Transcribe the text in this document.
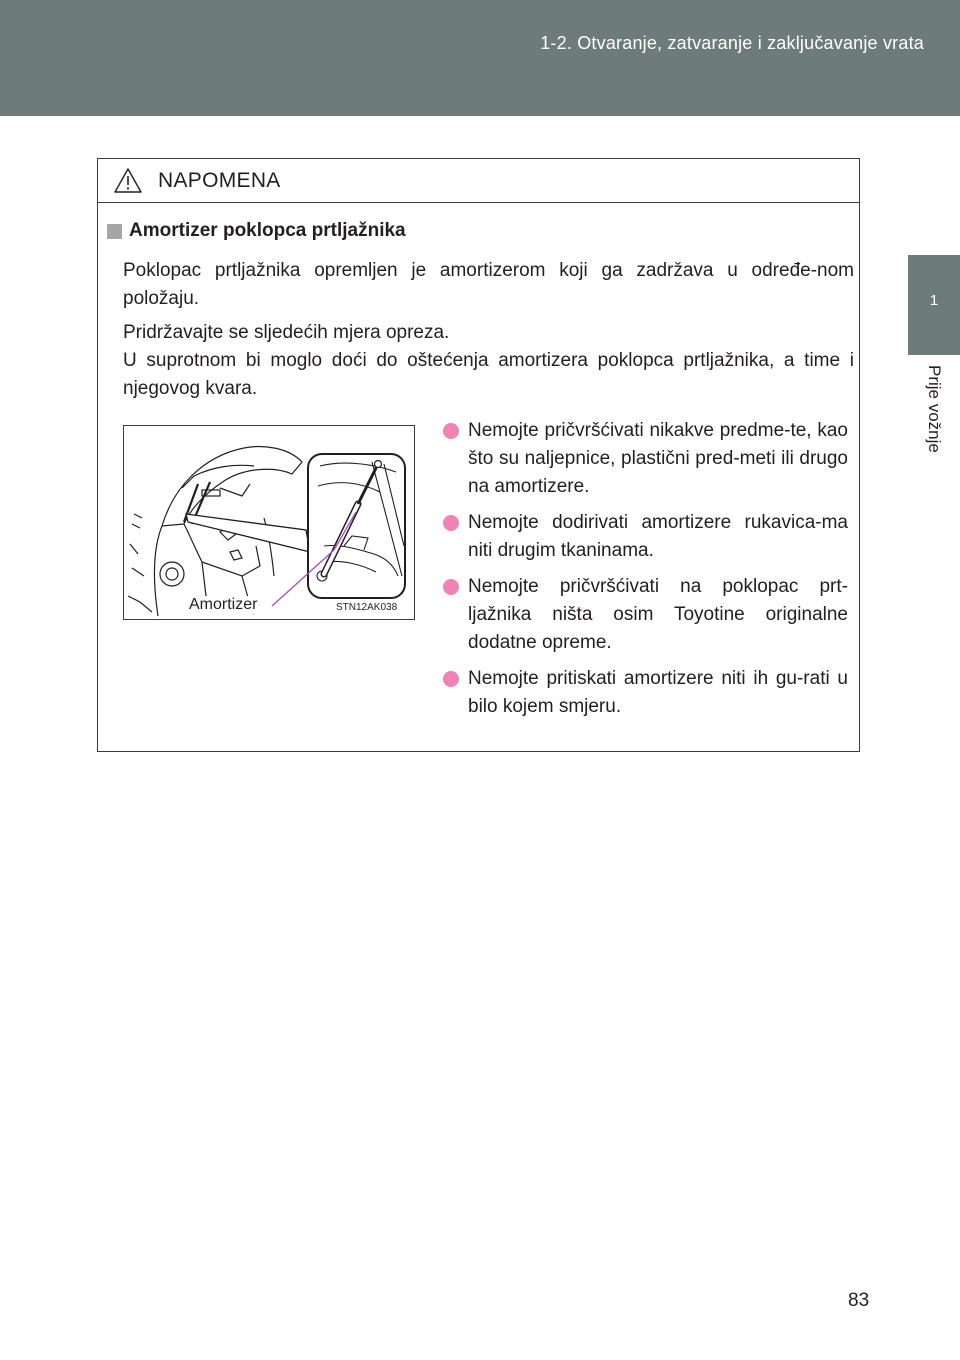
1-2. Otvaranje, zatvaranje i zaključavanje vrata
1
Prije vožnje
NAPOMENA
Amortizer poklopca prtljažnika
Poklopac prtljažnika opremljen je amortizerom koji ga zadržava u određe-nom položaju.
Pridržavajte se sljedećih mjera opreza.
U suprotnom bi moglo doći do oštećenja amortizera poklopca prtljažnika, a time i njegovog kvara.
Amortizer	STN12AK038
Nemojte pričvršćivati nikakve predme-te, kao što su naljepnice, plastični pred-meti ili drugo na amortizere.
Nemojte dodirivati amortizere rukavica-ma niti drugim tkaninama.
Nemojte pričvršćivati na poklopac prt-ljažnika ništa osim Toyotine originalne dodatne opreme.
Nemojte pritiskati amortizere niti ih gu-rati u bilo kojem smjeru.
83
